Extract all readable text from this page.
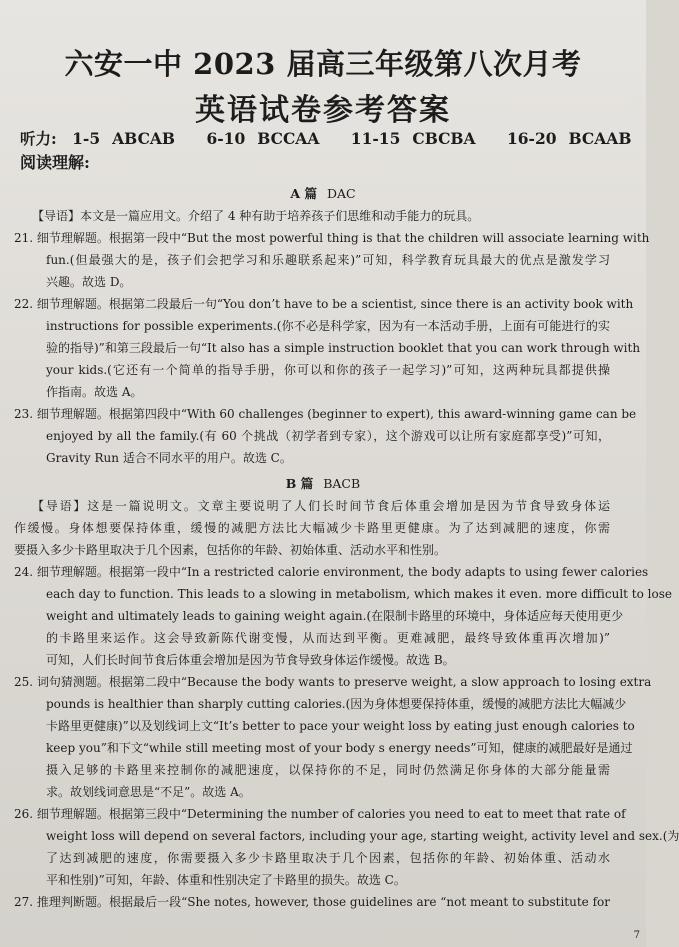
六安一中 2023 届高三年级第八次月考
英语试卷参考答案
听力: 1-5 ABCAB 6-10 BCCAA 11-15 CBCBA 16-20 BCAAB
阅读理解:
A 篇 DAC
【导语】本文是一篇应用文。介绍了 4 种有助于培养孩子们思维和动手能力的玩具。
21. 细节理解题。根据第一段中“But the most powerful thing is that the children will associate learning with
fun.(但最强大的是，孩子们会把学习和乐趣联系起来)”可知，科学教育玩具最大的优点是激发学习
兴趣。故选 D。
22. 细节理解题。根据第二段最后一句“You don’t have to be a scientist, since there is an activity book with
instructions for possible experiments.(你不必是科学家，因为有一本活动手册，上面有可能进行的实
验的指导)”和第三段最后一句“It also has a simple instruction booklet that you can work through with
your kids.(它还有一个简单的指导手册，你可以和你的孩子一起学习)”可知，这两种玩具都提供操
作指南。故选 A。
23. 细节理解题。根据第四段中“With 60 challenges (beginner to expert), this award-winning game can be
enjoyed by all the family.(有 60 个挑战（初学者到专家），这个游戏可以让所有家庭都享受)”可知，
Gravity Run 适合不同水平的用户。故选 C。
B 篇 BACB
【导语】这是一篇说明文。文章主要说明了人们长时间节食后体重会增加是因为节食导致身体运
作缓慢。身体想要保持体重，缓慢的减肥方法比大幅减少卡路里更健康。为了达到减肥的速度，你需
要摄入多少卡路里取决于几个因素，包括你的年龄、初始体重、活动水平和性别。
24. 细节理解题。根据第一段中“In a restricted calorie environment, the body adapts to using fewer calories
each day to function. This leads to a slowing in metabolism, which makes it even. more difficult to lose
weight and ultimately leads to gaining weight again.(在限制卡路里的环境中，身体适应每天使用更少
的卡路里来运作。这会导致新陈代谢变慢，从而达到平衡。更难减肥，最终导致体重再次增加)”
可知，人们长时间节食后体重会增加是因为节食导致身体运作缓慢。故选 B。
25. 词句猜测题。根据第二段中“Because the body wants to preserve weight, a slow approach to losing extra
pounds is healthier than sharply cutting calories.(因为身体想要保持体重，缓慢的减肥方法比大幅减少
卡路里更健康)”以及划线词上文“It’s better to pace your weight loss by eating just enough calories to
keep you”和下文“while still meeting most of your body s energy needs”可知，健康的减肥最好是通过
摄入足够的卡路里来控制你的减肥速度，以保持你的不足，同时仍然满足你身体的大部分能量需
求。故划线词意思是“不足”。故选 A。
26. 细节理解题。根据第三段中“Determining the number of calories you need to eat to meet that rate of
weight loss will depend on several factors, including your age, starting weight, activity level and sex.(为
了达到减肥的速度，你需要摄入多少卡路里取决于几个因素，包括你的年龄、初始体重、活动水
平和性别)”可知，年龄、体重和性别决定了卡路里的损失。故选 C。
27. 推理判断题。根据最后一段“She notes, however, those guidelines are “not meant to substitute for
7
